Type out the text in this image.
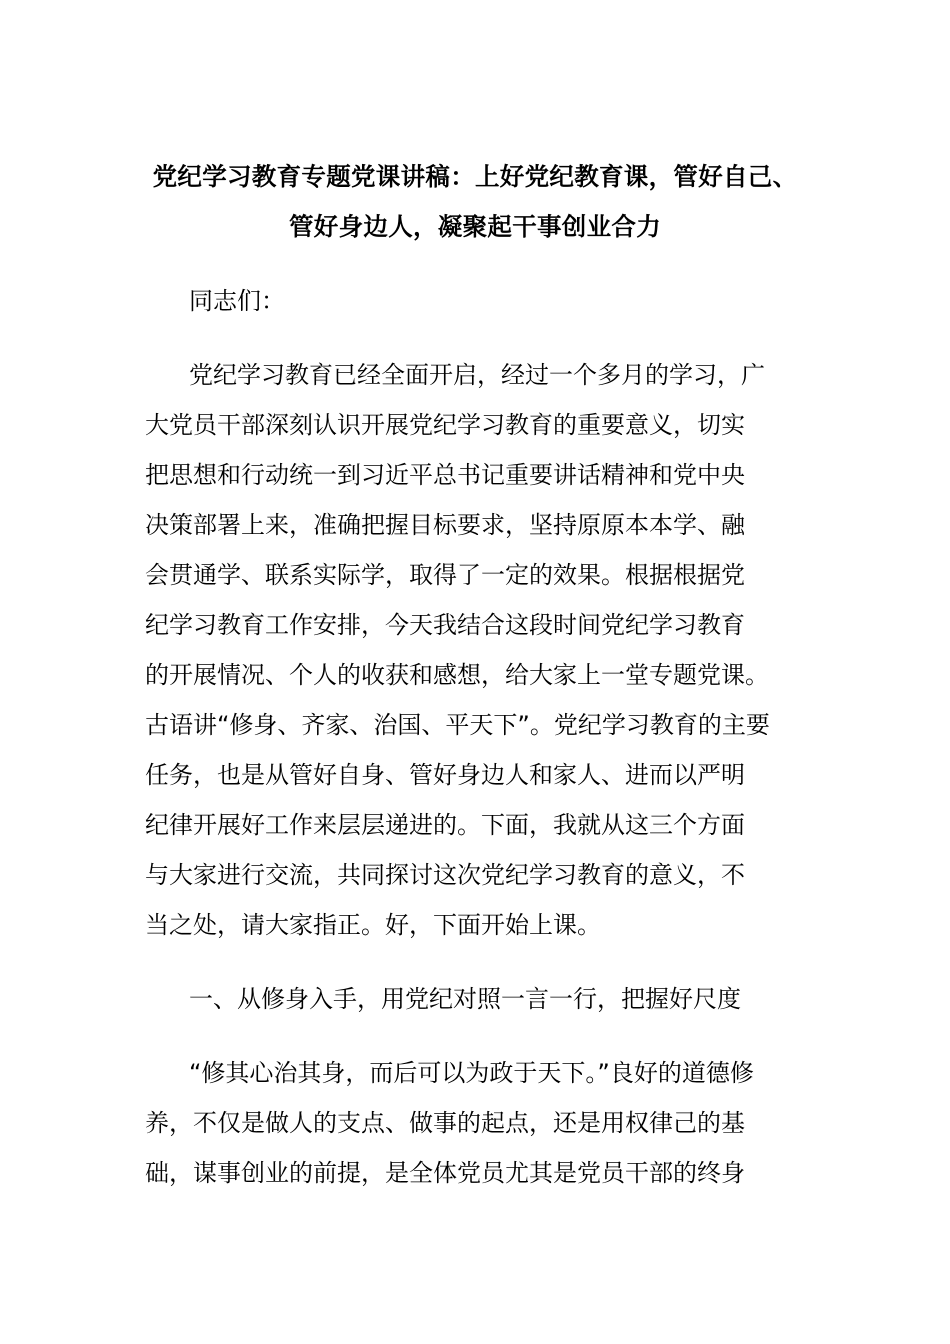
党纪学习教育专题党课讲稿：上好党纪教育课，管好自己、
管好身边人，凝聚起干事创业合力
同志们：
党纪学习教育已经全面开启，经过一个多月的学习，广
大党员干部深刻认识开展党纪学习教育的重要意义，切实
把思想和行动统一到习近平总书记重要讲话精神和党中央
决策部署上来，准确把握目标要求，坚持原原本本学、融
会贯通学、联系实际学，取得了一定的效果。根据根据党
纪学习教育工作安排，今天我结合这段时间党纪学习教育
的开展情况、个人的收获和感想，给大家上一堂专题党课。
古语讲“修身、齐家、治国、平天下”。党纪学习教育的主要
任务，也是从管好自身、管好身边人和家人、进而以严明
纪律开展好工作来层层递进的。下面，我就从这三个方面
与大家进行交流，共同探讨这次党纪学习教育的意义，不
当之处，请大家指正。好，下面开始上课。
一、从修身入手，用党纪对照一言一行，把握好尺度
“修其心治其身，而后可以为政于天下。”良好的道德修
养，不仅是做人的支点、做事的起点，还是用权律己的基
础，谋事创业的前提，是全体党员尤其是党员干部的终身
